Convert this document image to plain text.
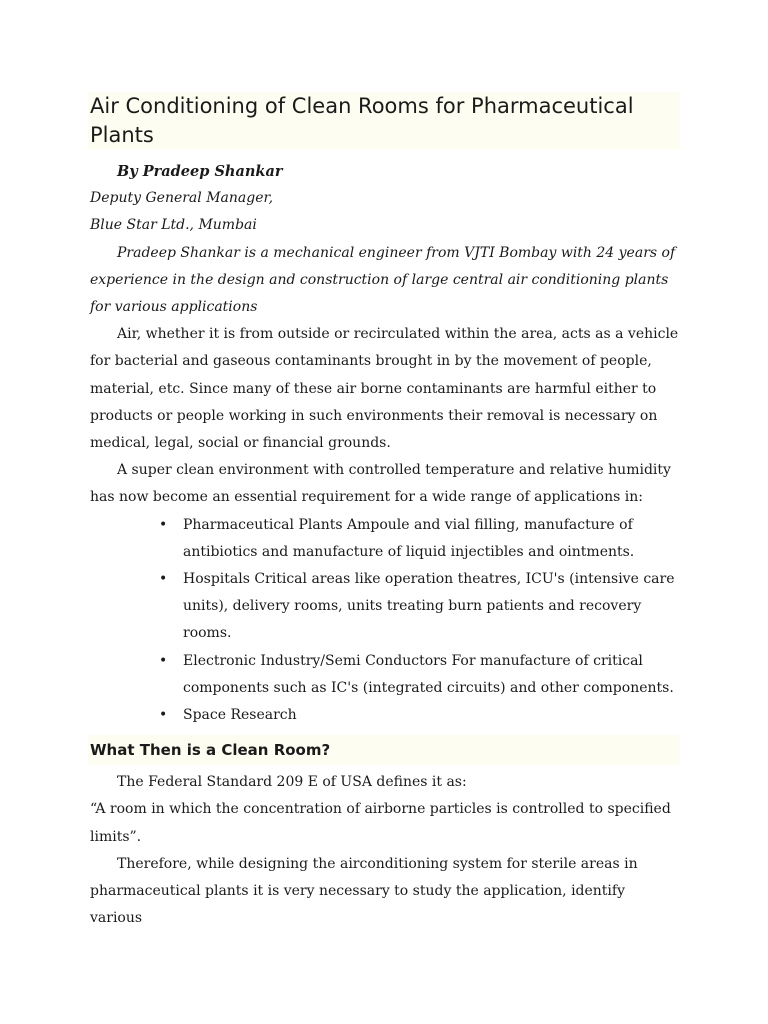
Air Conditioning of Clean Rooms for Pharmaceutical Plants

By Pradeep Shankar

Deputy General Manager,

Blue Star Ltd., Mumbai

Pradeep Shankar is a mechanical engineer from VJTI Bombay with 24 years of experience in the design and construction of large central air conditioning plants for various applications

Air, whether it is from outside or recirculated within the area, acts as a vehicle for bacterial and gaseous contaminants brought in by the movement of people, material, etc. Since many of these air borne contaminants are harmful either to products or people working in such environments their removal is necessary on medical, legal, social or financial grounds.

A super clean environment with controlled temperature and relative humidity has now become an essential requirement for a wide range of applications in:

• Pharmaceutical Plants Ampoule and vial filling, manufacture of antibiotics and manufacture of liquid injectibles and ointments.
• Hospitals Critical areas like operation theatres, ICU's (intensive care units), delivery rooms, units treating burn patients and recovery rooms.
• Electronic Industry/Semi Conductors For manufacture of critical components such as IC's (integrated circuits) and other components.
• Space Research
What Then is a Clean Room?

The Federal Standard 209 E of USA defines it as:

“A room in which the concentration of airborne particles is controlled to specified limits”.

Therefore, while designing the airconditioning system for sterile areas in pharmaceutical plants it is very necessary to study the application, identify various
